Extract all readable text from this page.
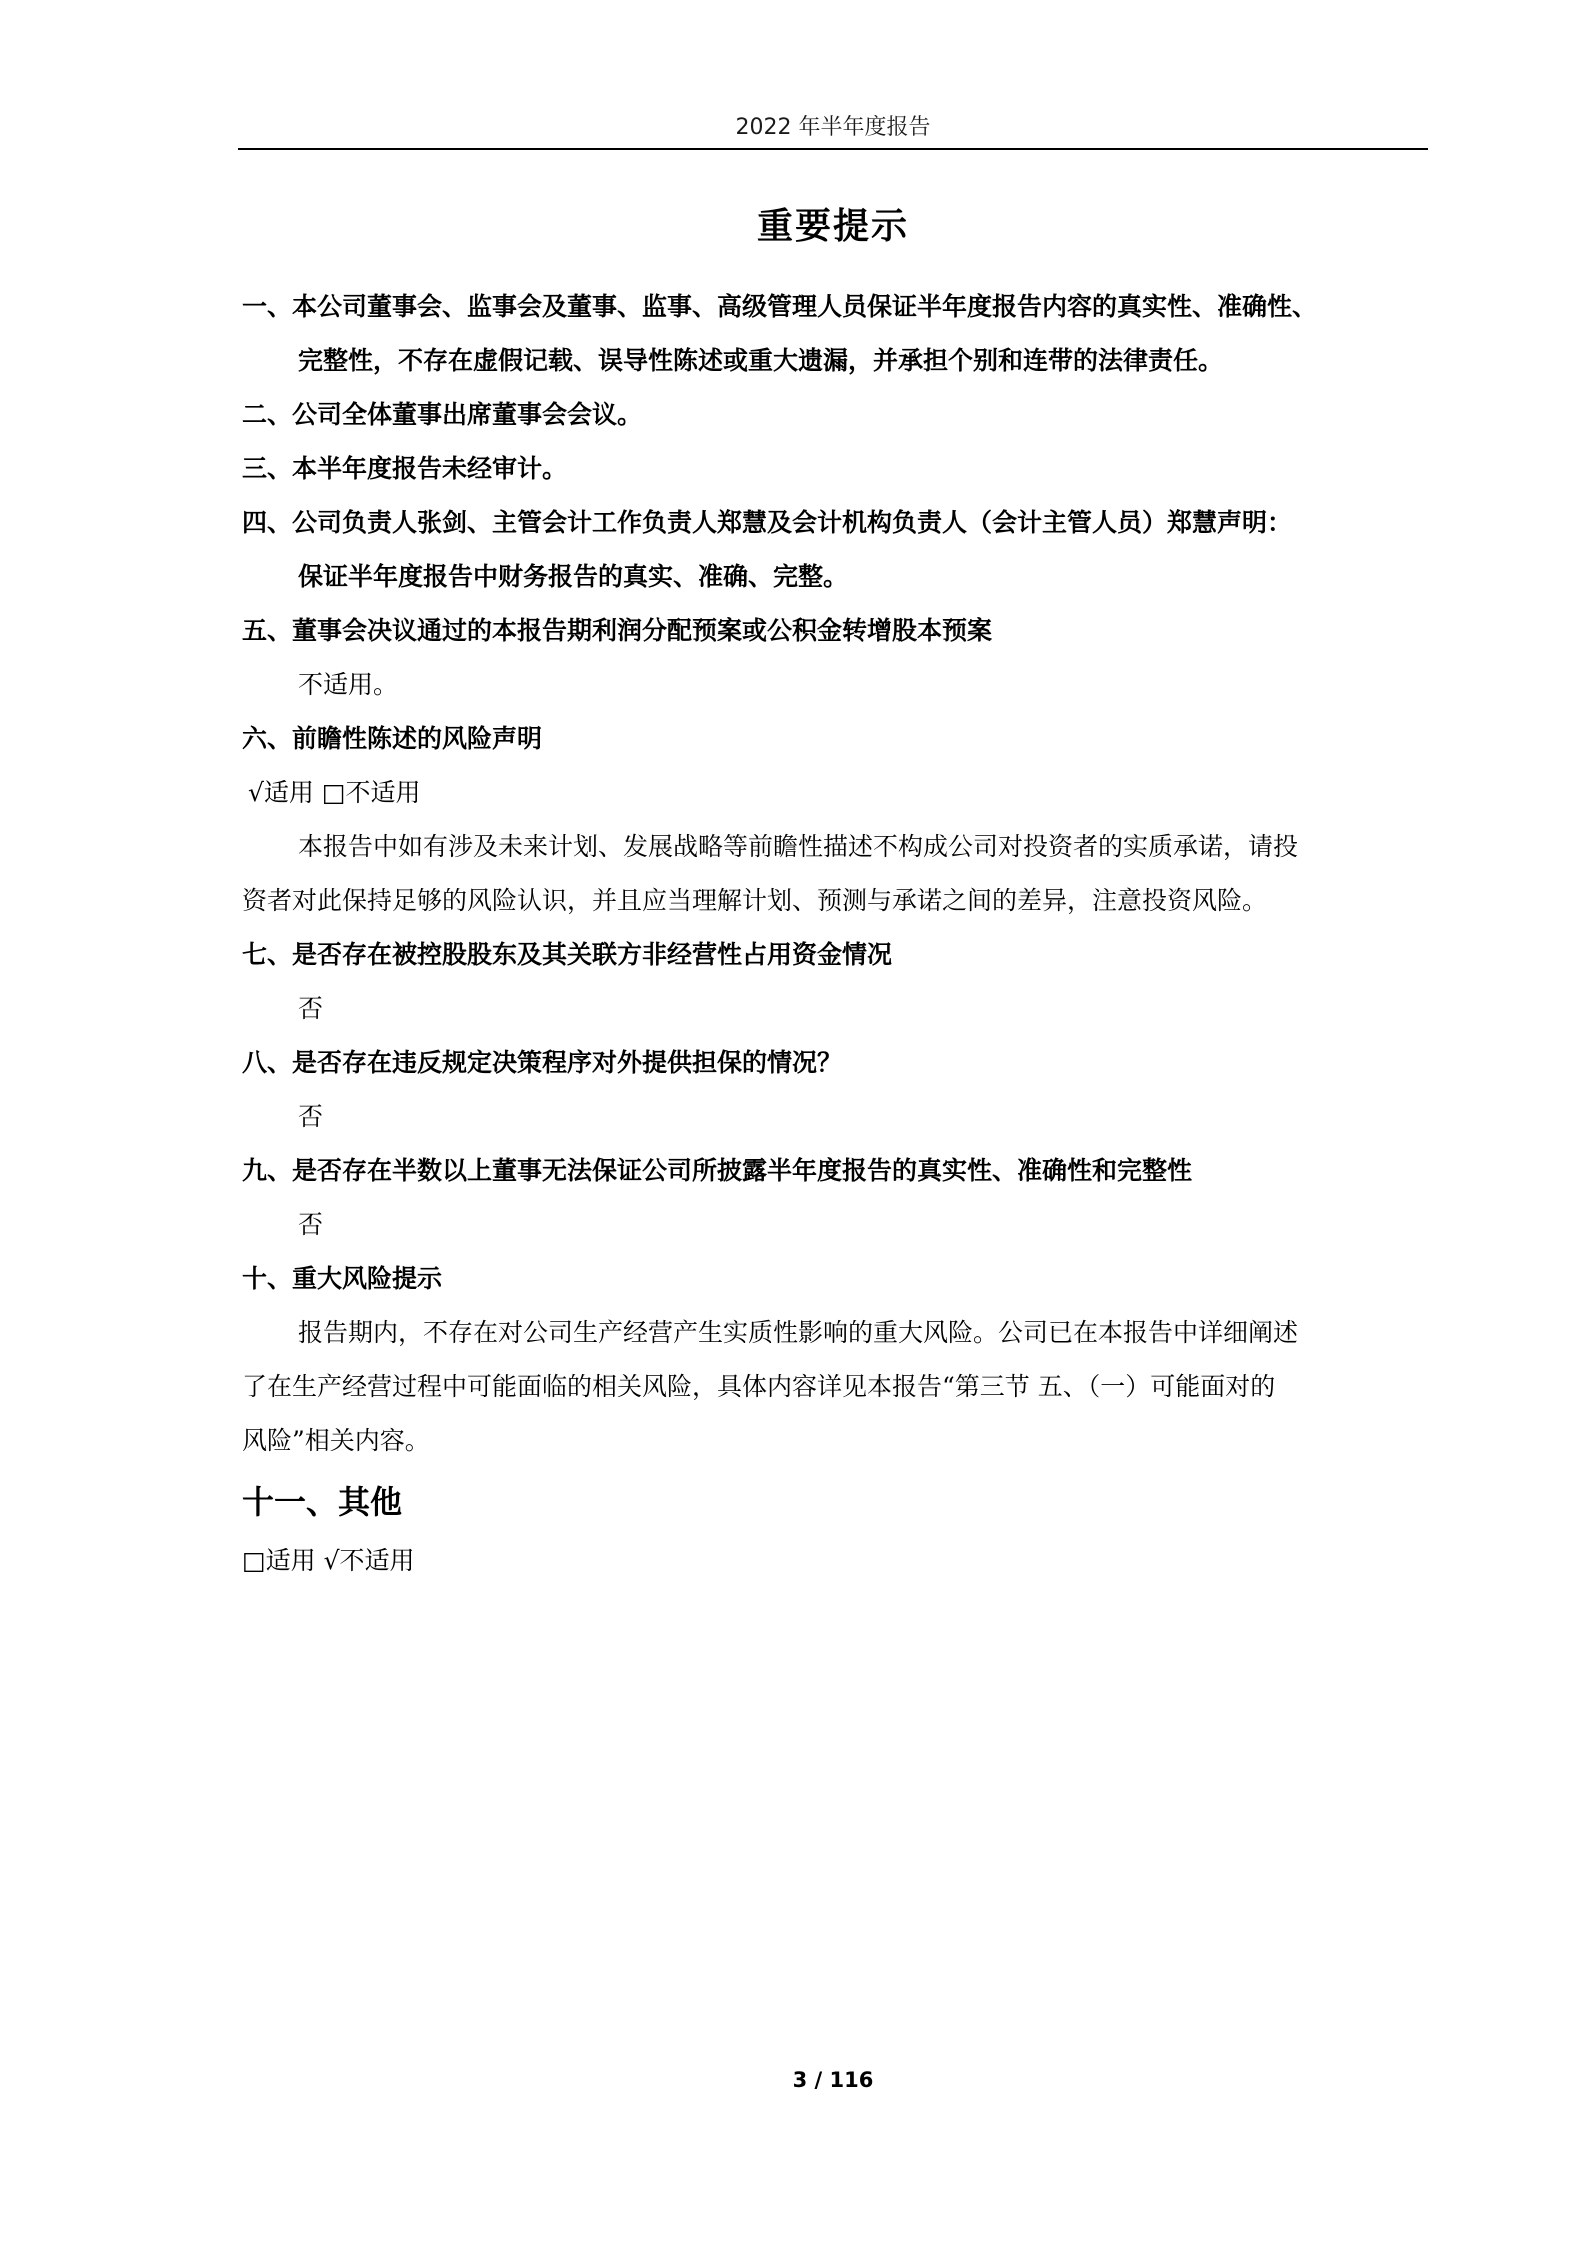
2022 年半年度报告
重要提示
一、本公司董事会、监事会及董事、监事、高级管理人员保证半年度报告内容的真实性、准确性、
完整性，不存在虚假记载、误导性陈述或重大遗漏，并承担个别和连带的法律责任。
二、公司全体董事出席董事会会议。
三、本半年度报告未经审计。
四、公司负责人张剑、主管会计工作负责人郑慧及会计机构负责人（会计主管人员）郑慧声明：
保证半年度报告中财务报告的真实、准确、完整。
五、董事会决议通过的本报告期利润分配预案或公积金转增股本预案
不适用。
六、前瞻性陈述的风险声明
√适用 □不适用
本报告中如有涉及未来计划、发展战略等前瞻性描述不构成公司对投资者的实质承诺，请投
资者对此保持足够的风险认识，并且应当理解计划、预测与承诺之间的差异，注意投资风险。
七、是否存在被控股股东及其关联方非经营性占用资金情况
否
八、是否存在违反规定决策程序对外提供担保的情况？
否
九、是否存在半数以上董事无法保证公司所披露半年度报告的真实性、准确性和完整性
否
十、重大风险提示
报告期内，不存在对公司生产经营产生实质性影响的重大风险。公司已在本报告中详细阐述
了在生产经营过程中可能面临的相关风险，具体内容详见本报告“第三节 五、（一）可能面对的
风险”相关内容。
十一、其他
□适用 √不适用
3 / 116
